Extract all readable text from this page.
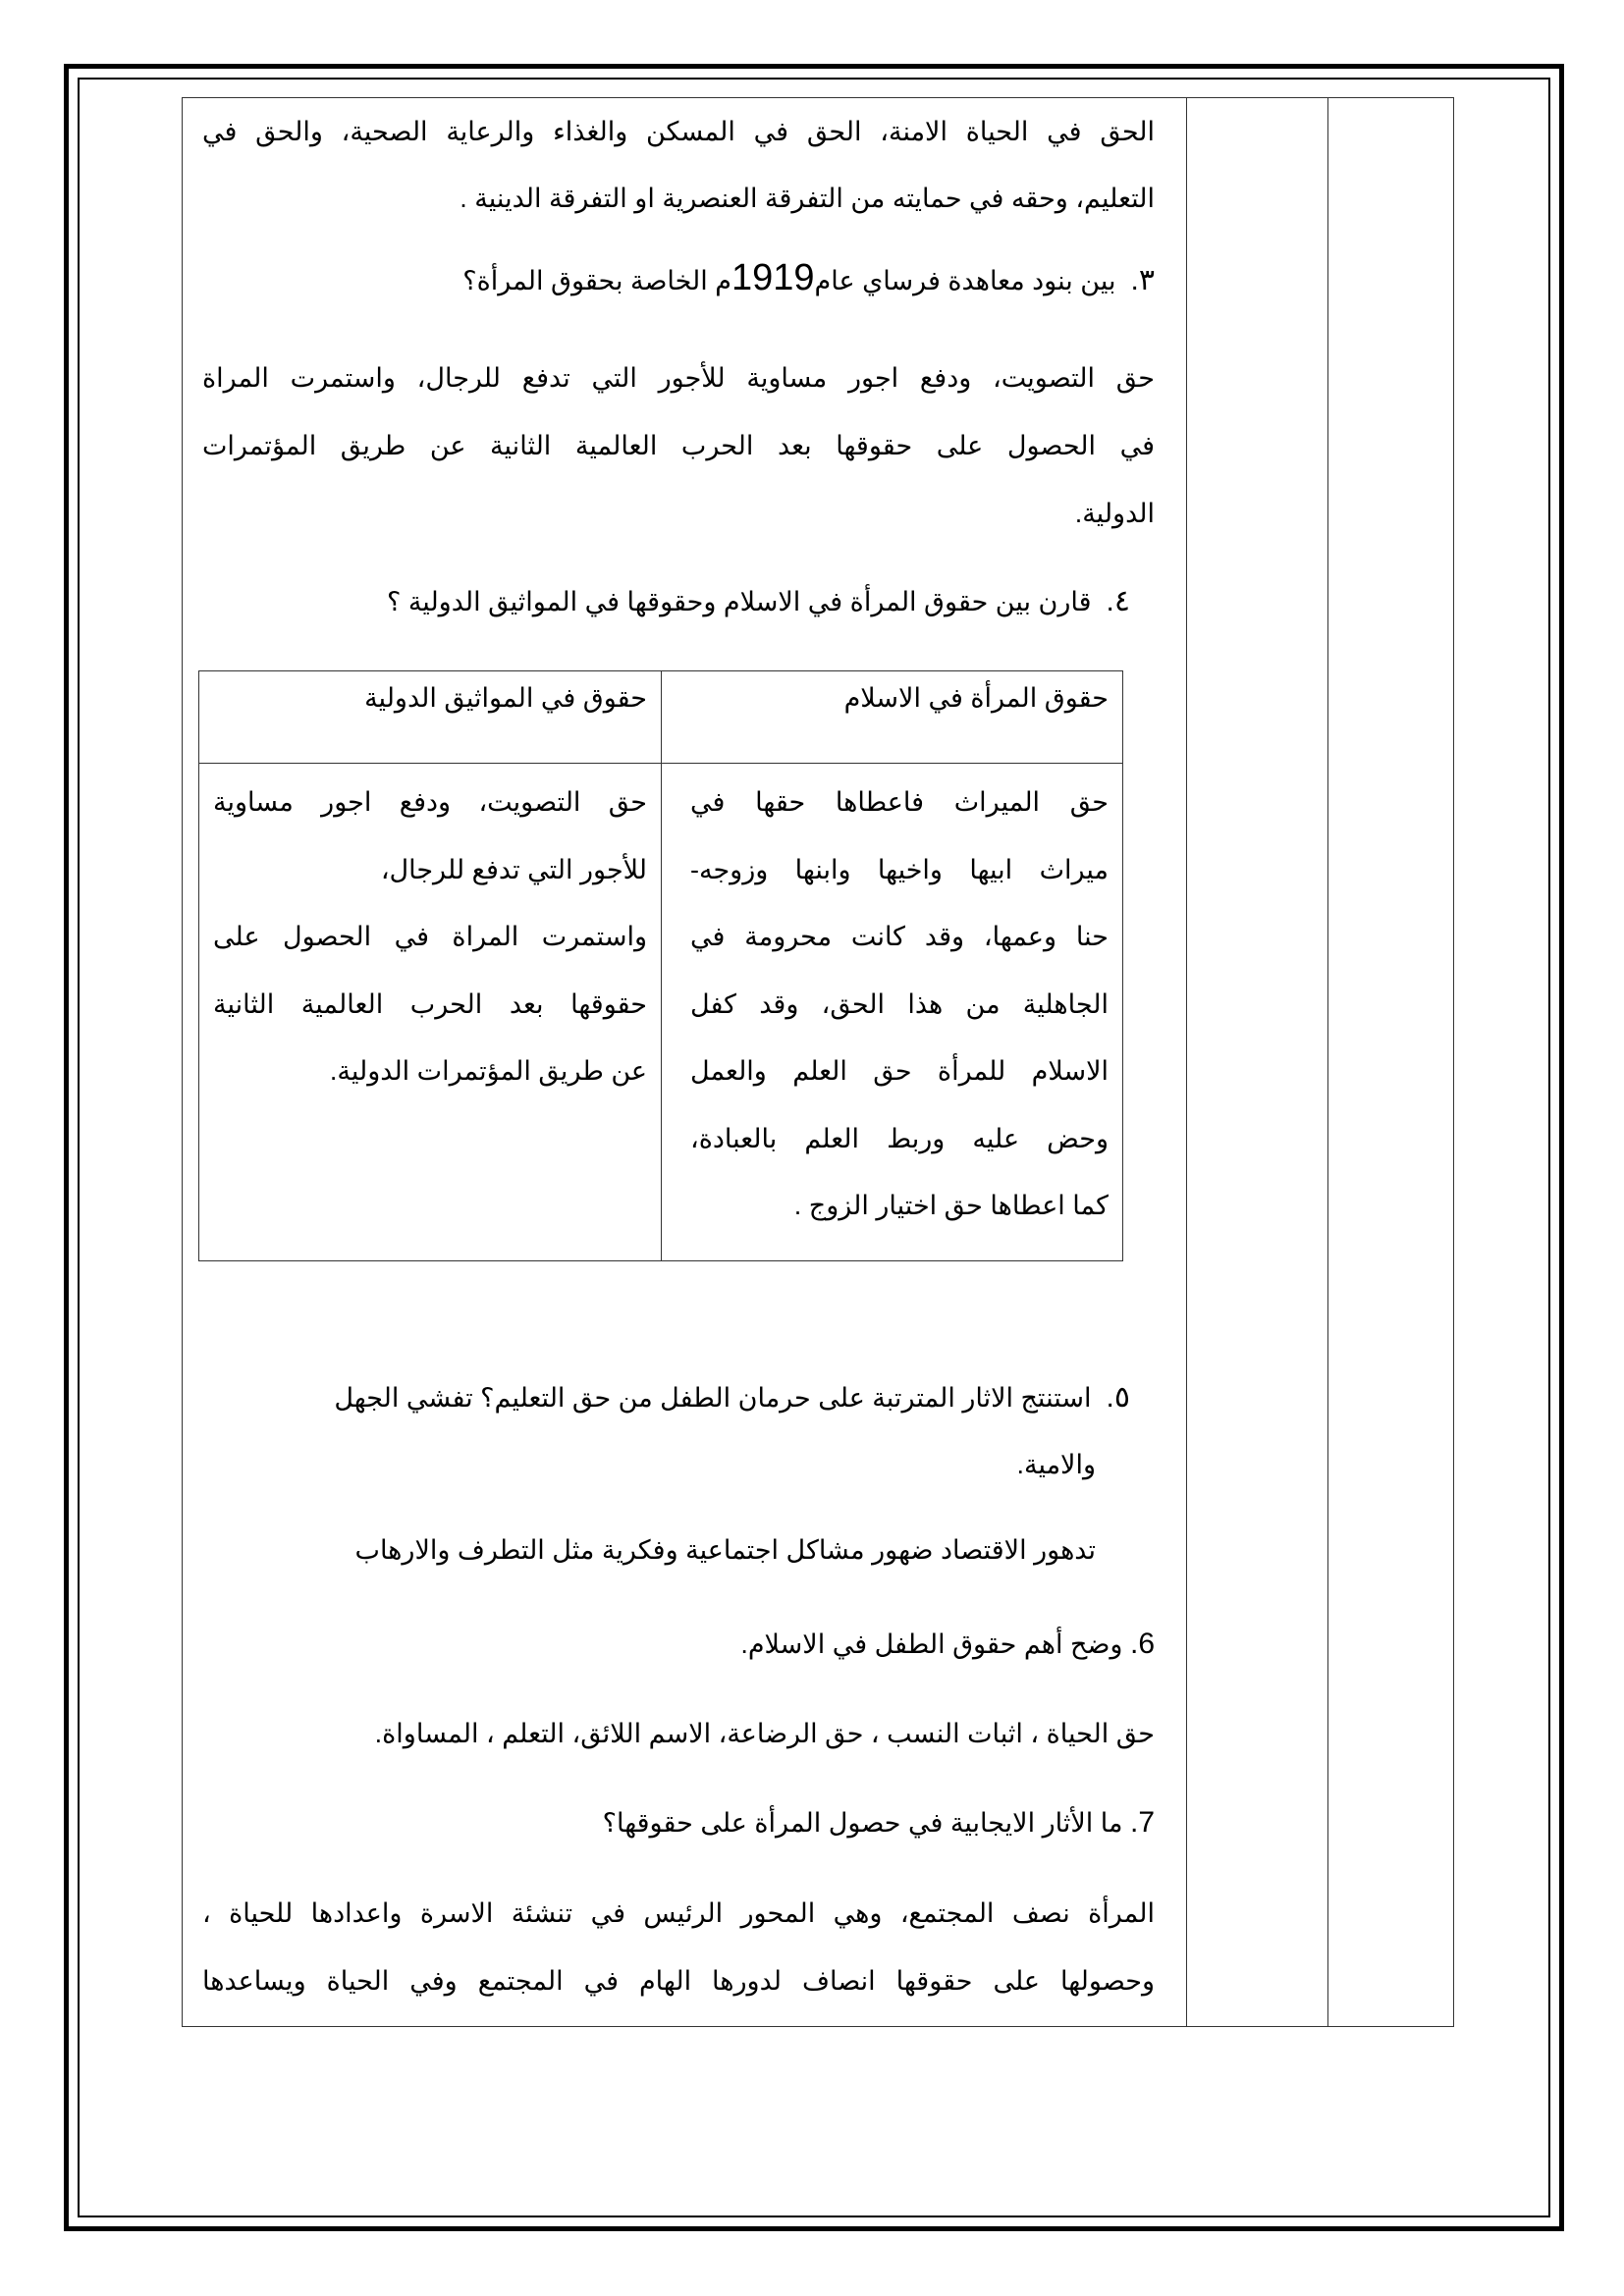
الحق في الحياة الامنة، الحق في المسكن والغذاء والرعاية الصحية، والحق في

التعليم، وحقه في حمايته من التفرقة العنصرية او التفرقة الدينية .

٣.  بين بنود معاهدة فرساي عام1919م الخاصة بحقوق المرأة؟

حق التصويت، ودفع اجور مساوية للأجور التي تدفع للرجال، واستمرت المراة

في الحصول على حقوقها بعد الحرب العالمية الثانية عن طريق المؤتمرات

الدولية.

٤.  قارن بين حقوق المرأة في الاسلام وحقوقها في المواثيق الدولية ؟

٥.  استنتج الاثار المترتبة على حرمان الطفل من حق التعليم؟ تفشي الجهل

والامية.

تدهور الاقتصاد ضهور مشاكل اجتماعية وفكرية مثل التطرف والارهاب

6. وضح أهم حقوق الطفل في الاسلام.

حق الحياة ، اثبات النسب ، حق الرضاعة، الاسم اللائق، التعلم ، المساواة.

7. ما الأثار الايجابية في حصول المرأة على حقوقها؟

المرأة نصف المجتمع، وهي المحور الرئيس في تنشئة الاسرة واعدادها للحياة ،

وحصولها على حقوقها انصاف لدورها الهام في المجتمع وفي الحياة ويساعدها

حقوق المرأة في الاسلام
حقوق في المواثيق الدولية
حق الميراث فاعطاها حقها في
ميراث ابيها واخيها وابنها وزوجه-
حنا وعمها، وقد كانت محرومة في
الجاهلية من هذا الحق، وقد كفل
الاسلام للمرأة حق العلم والعمل
وحض عليه وربط العلم بالعبادة،
كما اعطاها حق اختيار الزوج .
حق التصويت، ودفع اجور مساوية
للأجور التي تدفع للرجال،
واستمرت المراة في الحصول على
حقوقها بعد الحرب العالمية الثانية
عن طريق المؤتمرات الدولية.
